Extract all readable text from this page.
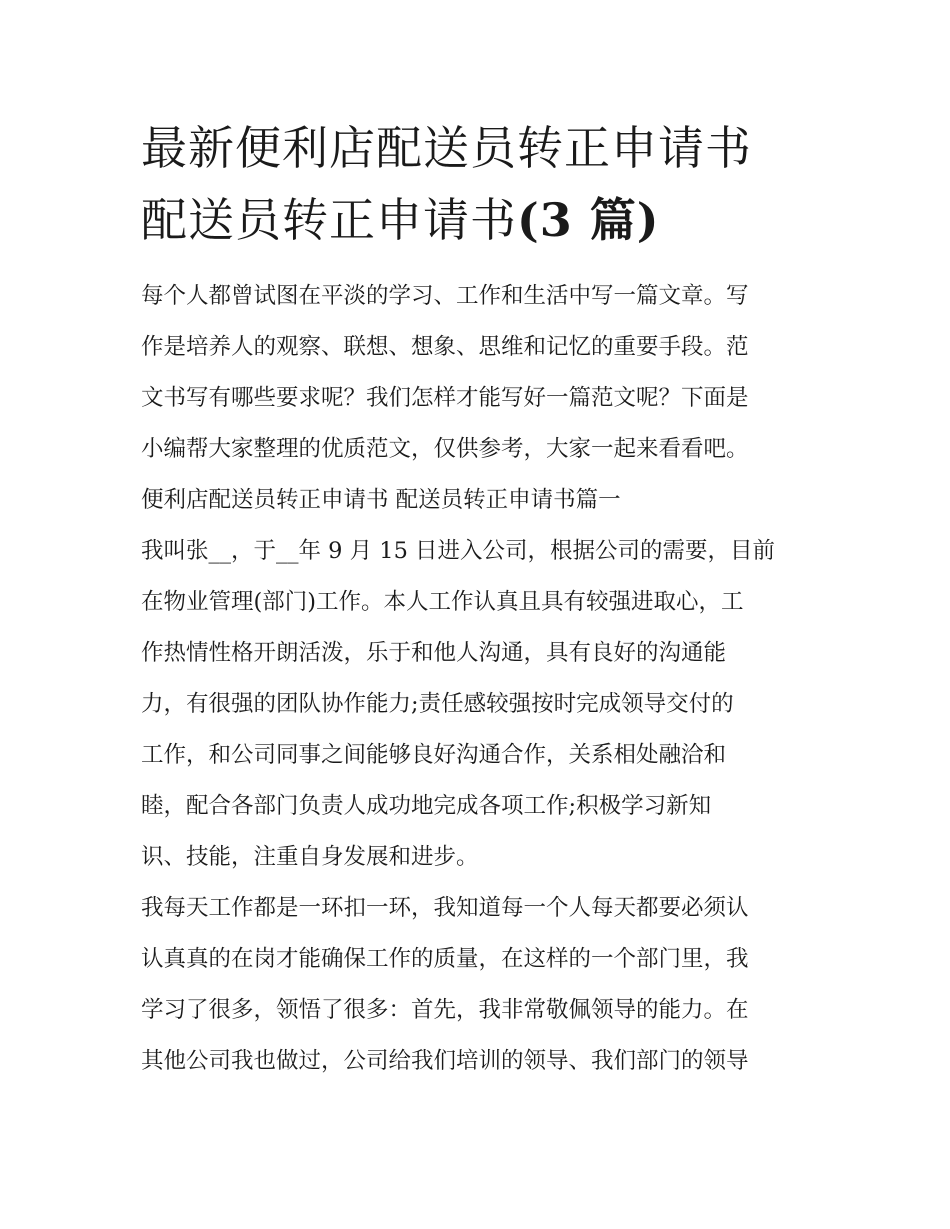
最新便利店配送员转正申请书
配送员转正申请书(3 篇)

每个人都曾试图在平淡的学习、工作和生活中写一篇文章。写
作是培养人的观察、联想、想象、思维和记忆的重要手段。范
文书写有哪些要求呢？我们怎样才能写好一篇范文呢？下面是
小编帮大家整理的优质范文，仅供参考，大家一起来看看吧。

便利店配送员转正申请书 配送员转正申请书篇一

我叫张__，于__年 9 月 15 日进入公司，根据公司的需要，目前
在物业管理(部门)工作。本人工作认真且具有较强进取心，工
作热情性格开朗活泼，乐于和他人沟通，具有良好的沟通能
力，有很强的团队协作能力;责任感较强按时完成领导交付的
工作，和公司同事之间能够良好沟通合作，关系相处融洽和
睦，配合各部门负责人成功地完成各项工作;积极学习新知
识、技能，注重自身发展和进步。

我每天工作都是一环扣一环，我知道每一个人每天都要必须认
认真真的在岗才能确保工作的质量，在这样的一个部门里，我
学习了很多，领悟了很多：首先，我非常敬佩领导的能力。在
其他公司我也做过，公司给我们培训的领导、我们部门的领导
